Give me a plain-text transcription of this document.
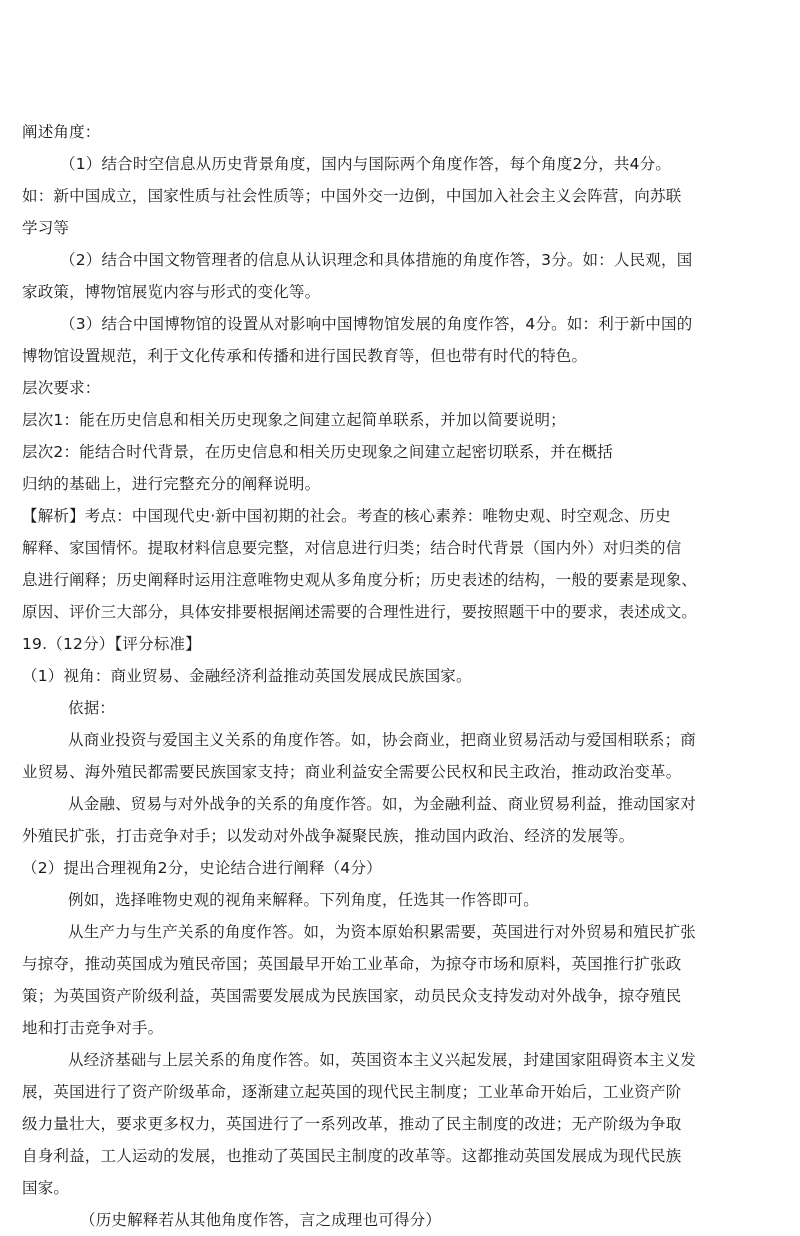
阐述角度：
（1）结合时空信息从历史背景角度，国内与国际两个角度作答，每个角度2分，共4分。
如：新中国成立，国家性质与社会性质等；中国外交一边倒，中国加入社会主义会阵营，向苏联
学习等
（2）结合中国文物管理者的信息从认识理念和具体措施的角度作答，3分。如：人民观，国
家政策，博物馆展览内容与形式的变化等。
（3）结合中国博物馆的设置从对影响中国博物馆发展的角度作答，4分。如：利于新中国的
博物馆设置规范，利于文化传承和传播和进行国民教育等，但也带有时代的特色。
层次要求：
层次1：能在历史信息和相关历史现象之间建立起简单联系，并加以简要说明；
层次2：能结合时代背景，在历史信息和相关历史现象之间建立起密切联系，并在概括
归纳的基础上，进行完整充分的阐释说明。
【解析】考点：中国现代史·新中国初期的社会。考查的核心素养：唯物史观、时空观念、历史
解释、家国情怀。提取材料信息要完整，对信息进行归类；结合时代背景（国内外）对归类的信
息进行阐释；历史阐释时运用注意唯物史观从多角度分析；历史表述的结构，一般的要素是现象、
原因、评价三大部分，具体安排要根据阐述需要的合理性进行，要按照题干中的要求，表述成文。
19.（12分）【评分标准】
（1）视角：商业贸易、金融经济利益推动英国发展成民族国家。
依据：
从商业投资与爱国主义关系的角度作答。如，协会商业，把商业贸易活动与爱国相联系；商
业贸易、海外殖民都需要民族国家支持；商业利益安全需要公民权和民主政治，推动政治变革。
从金融、贸易与对外战争的关系的角度作答。如，为金融利益、商业贸易利益，推动国家对
外殖民扩张，打击竞争对手；以发动对外战争凝聚民族，推动国内政治、经济的发展等。
（2）提出合理视角2分，史论结合进行阐释（4分）
例如，选择唯物史观的视角来解释。下列角度，任选其一作答即可。
从生产力与生产关系的角度作答。如，为资本原始积累需要，英国进行对外贸易和殖民扩张
与掠夺，推动英国成为殖民帝国；英国最早开始工业革命，为掠夺市场和原料，英国推行扩张政
策；为英国资产阶级利益，英国需要发展成为民族国家，动员民众支持发动对外战争，掠夺殖民
地和打击竞争对手。
从经济基础与上层关系的角度作答。如，英国资本主义兴起发展，封建国家阻碍资本主义发
展，英国进行了资产阶级革命，逐渐建立起英国的现代民主制度；工业革命开始后，工业资产阶
级力量壮大，要求更多权力，英国进行了一系列改革，推动了民主制度的改进；无产阶级为争取
自身利益，工人运动的发展，也推动了英国民主制度的改革等。这都推动英国发展成为现代民族
国家。
（历史解释若从其他角度作答，言之成理也可得分）
